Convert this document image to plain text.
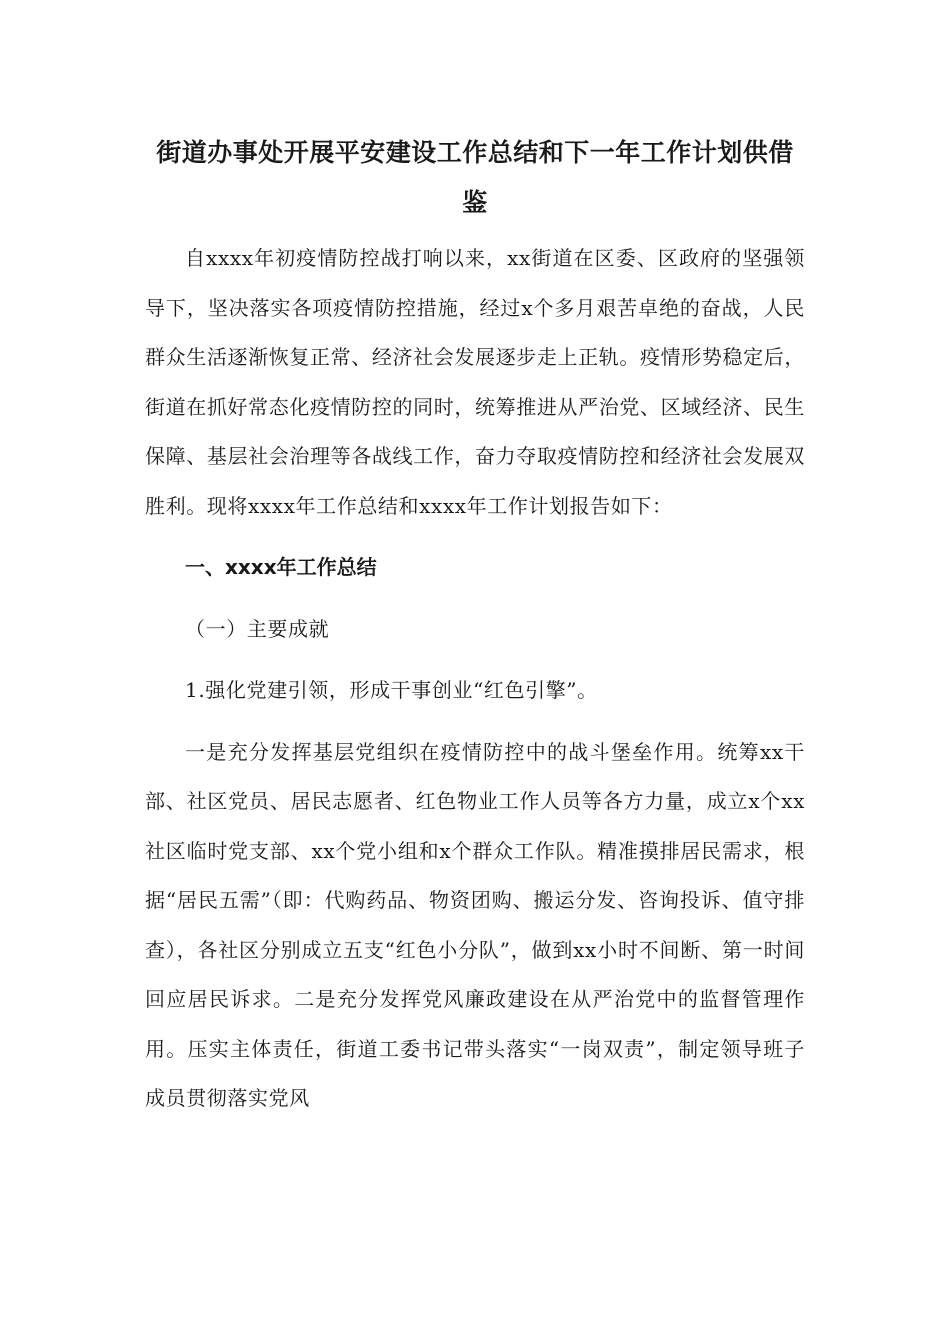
街道办事处开展平安建设工作总结和下一年工作计划供借鉴

自xxxx年初疫情防控战打响以来，xx街道在区委、区政府的坚强领导下，坚决落实各项疫情防控措施，经过x个多月艰苦卓绝的奋战，人民群众生活逐渐恢复正常、经济社会发展逐步走上正轨。疫情形势稳定后，街道在抓好常态化疫情防控的同时，统筹推进从严治党、区域经济、民生保障、基层社会治理等各战线工作，奋力夺取疫情防控和经济社会发展双胜利。现将xxxx年工作总结和xxxx年工作计划报告如下：

一、xxxx年工作总结

（一）主要成就

1.强化党建引领，形成干事创业“红色引擎”。

一是充分发挥基层党组织在疫情防控中的战斗堡垒作用。统筹xx干部、社区党员、居民志愿者、红色物业工作人员等各方力量，成立x个xx社区临时党支部、xx个党小组和x个群众工作队。精准摸排居民需求，根据“居民五需”（即：代购药品、物资团购、搬运分发、咨询投诉、值守排查），各社区分别成立五支“红色小分队”，做到xx小时不间断、第一时间回应居民诉求。二是充分发挥党风廉政建设在从严治党中的监督管理作用。压实主体责任，街道工委书记带头落实“一岗双责”，制定领导班子成员贯彻落实党风
